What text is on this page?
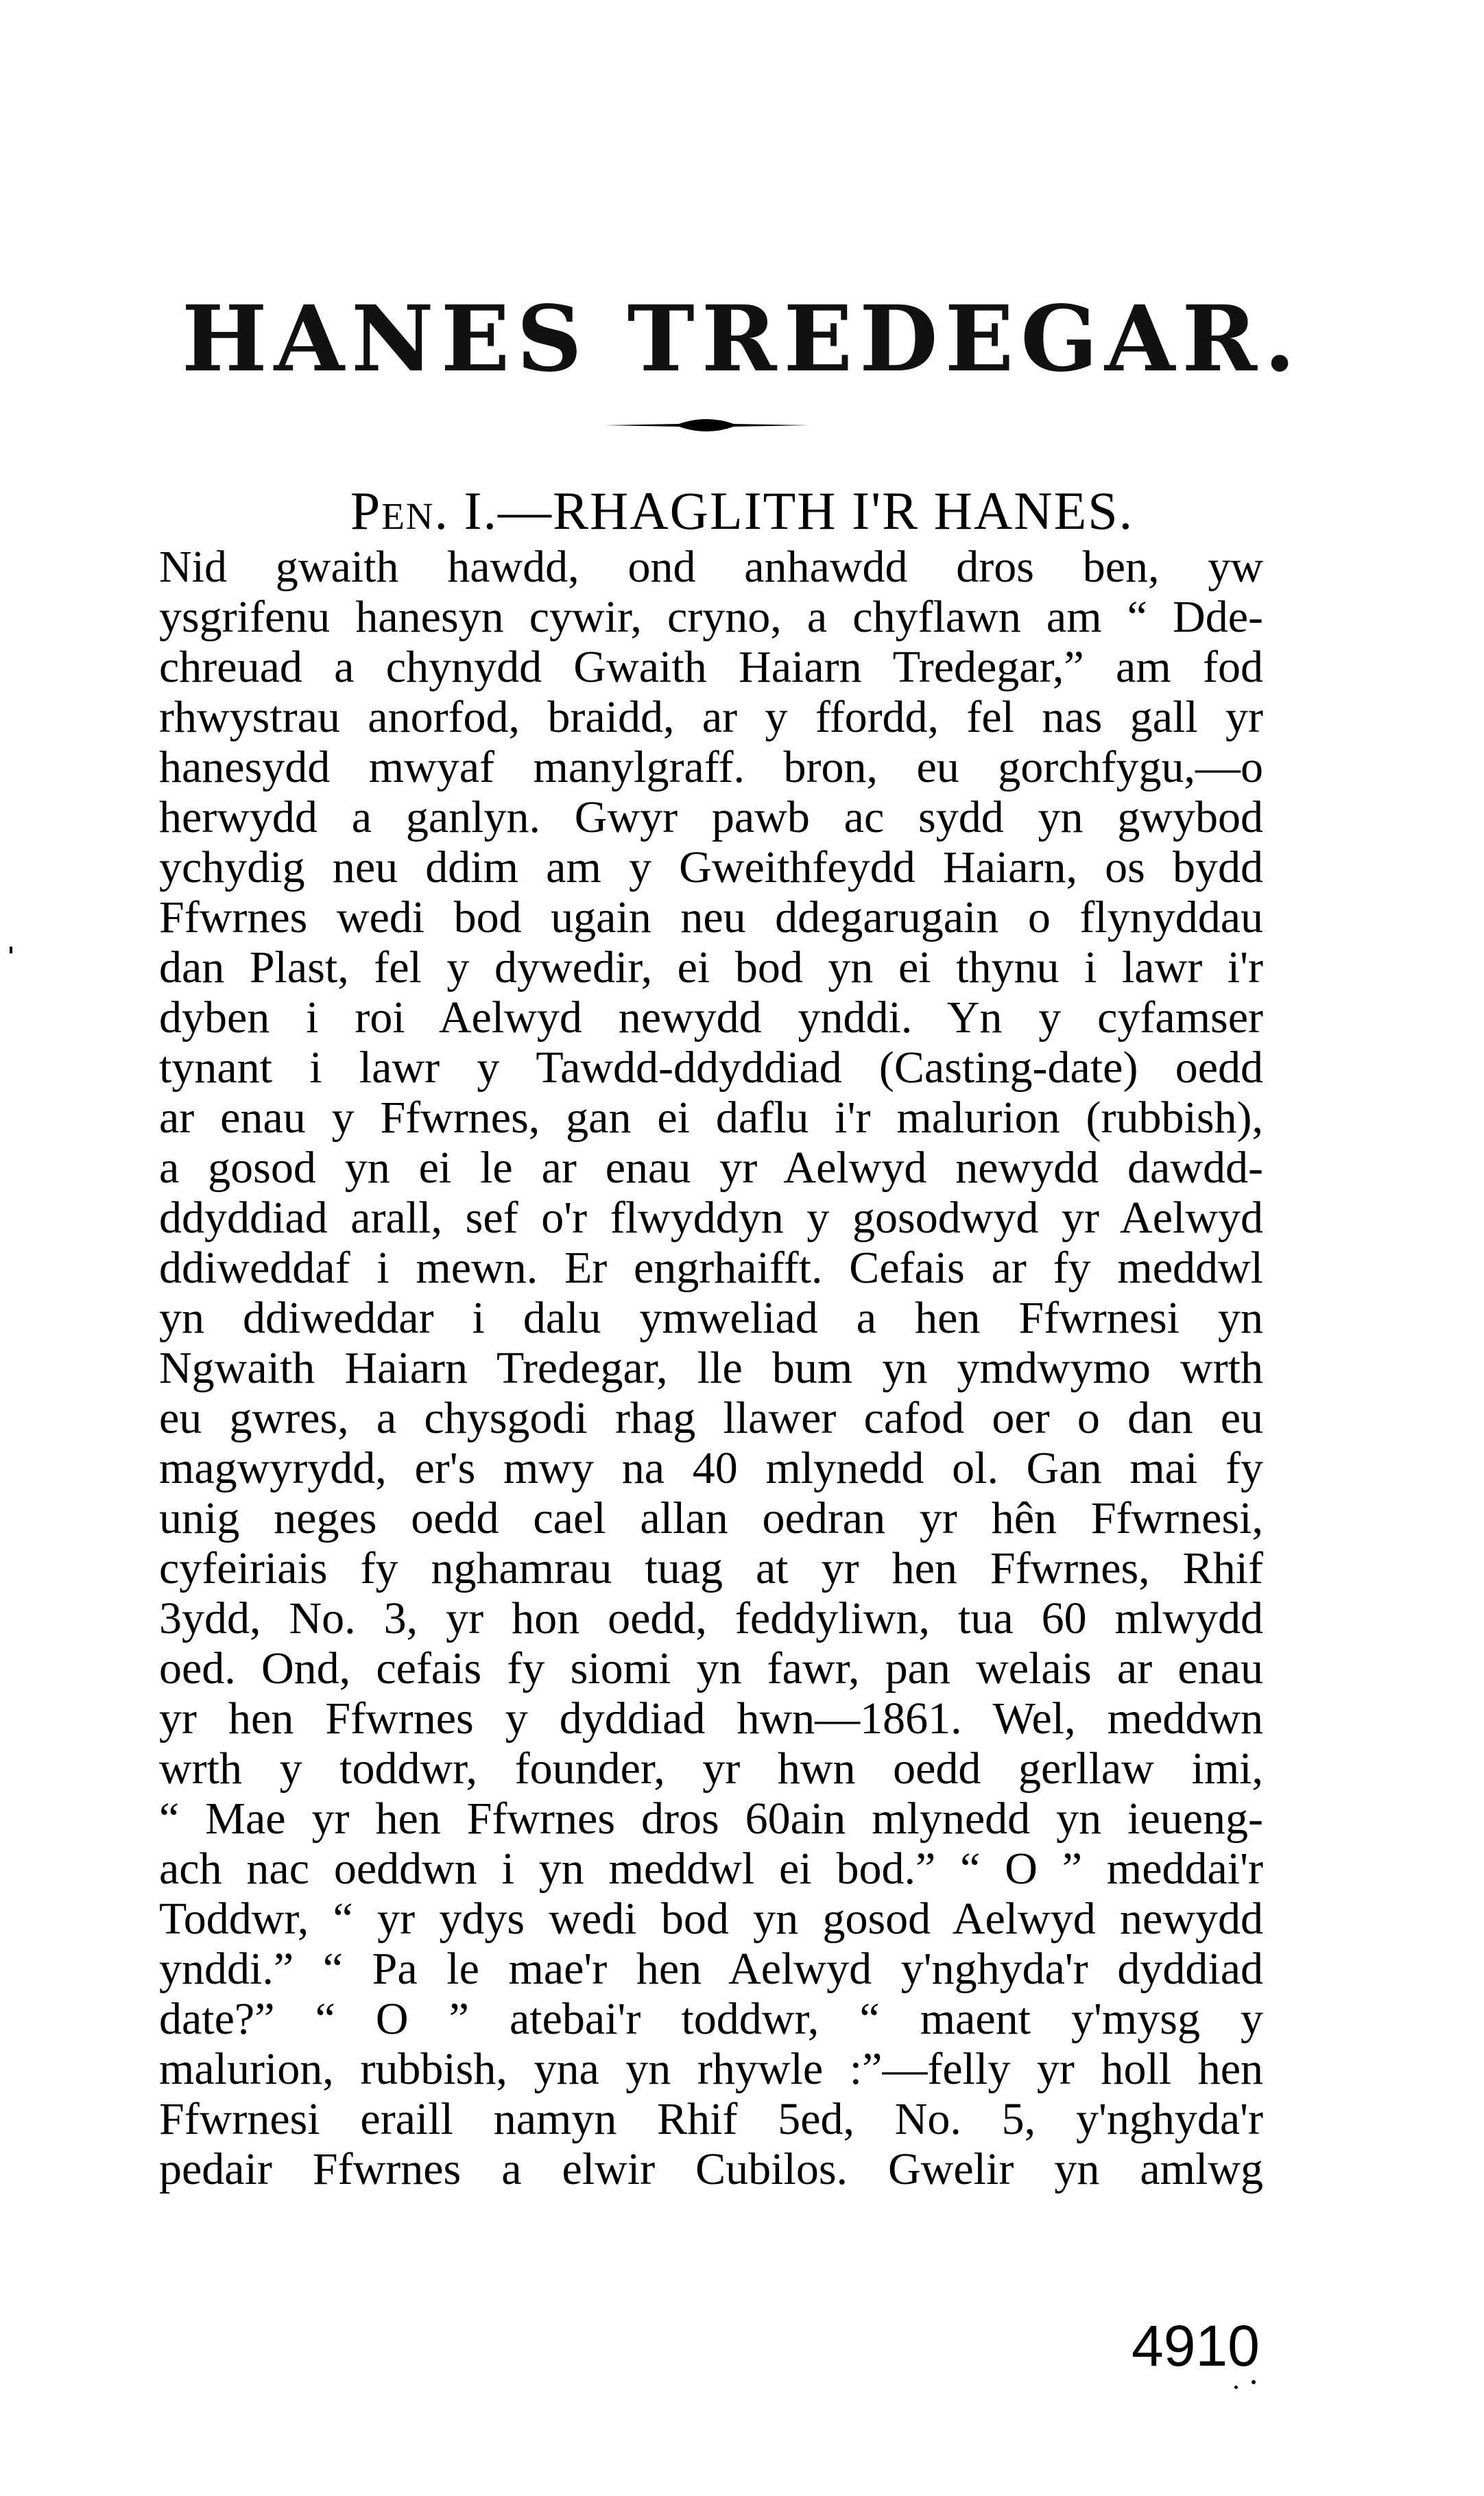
HANES TREDEGAR.
Pen. I.—RHAGLITH I'R HANES.
Nid gwaith hawdd, ond anhawdd dros ben, yw
ysgrifenu hanesyn cywir, cryno, a chyflawn am “ Dde-
chreuad a chynydd Gwaith Haiarn Tredegar,” am fod
rhwystrau anorfod, braidd, ar y ffordd, fel nas gall yr
hanesydd mwyaf manylgraff. bron, eu gorchfygu,—o
herwydd a ganlyn. Gwyr pawb ac sydd yn gwybod
ychydig neu ddim am y Gweithfeydd Haiarn, os bydd
Ffwrnes wedi bod ugain neu ddegarugain o flynyddau
dan Plast, fel y dywedir, ei bod yn ei thynu i lawr i'r
dyben i roi Aelwyd newydd ynddi. Yn y cyfamser
tynant i lawr y Tawdd-ddyddiad (Casting-date) oedd
ar enau y Ffwrnes, gan ei daflu i'r malurion (rubbish),
a gosod yn ei le ar enau yr Aelwyd newydd dawdd-
ddyddiad arall, sef o'r flwyddyn y gosodwyd yr Aelwyd
ddiweddaf i mewn. Er engrhaifft. Cefais ar fy meddwl
yn ddiweddar i dalu ymweliad a hen Ffwrnesi yn
Ngwaith Haiarn Tredegar, lle bum yn ymdwymo wrth
eu gwres, a chysgodi rhag llawer cafod oer o dan eu
magwyrydd, er's mwy na 40 mlynedd ol. Gan mai fy
unig neges oedd cael allan oedran yr hên Ffwrnesi,
cyfeiriais fy nghamrau tuag at yr hen Ffwrnes, Rhif
3ydd, No. 3, yr hon oedd, feddyliwn, tua 60 mlwydd
oed. Ond, cefais fy siomi yn fawr, pan welais ar enau
yr hen Ffwrnes y dyddiad hwn—1861. Wel, meddwn
wrth y toddwr, founder, yr hwn oedd gerllaw imi,
“ Mae yr hen Ffwrnes dros 60ain mlynedd yn ieueng-
ach nac oeddwn i yn meddwl ei bod.” “ O ” meddai'r
Toddwr, “ yr ydys wedi bod yn gosod Aelwyd newydd
ynddi.” “ Pa le mae'r hen Aelwyd y'nghyda'r dyddiad
date?” “ O ” atebai'r toddwr, “ maent y'mysg y
malurion, rubbish, yna yn rhywle :”—felly yr holl hen
Ffwrnesi eraill namyn Rhif 5ed, No. 5, y'nghyda'r
pedair Ffwrnes a elwir Cubilos. Gwelir yn amlwg
4910
